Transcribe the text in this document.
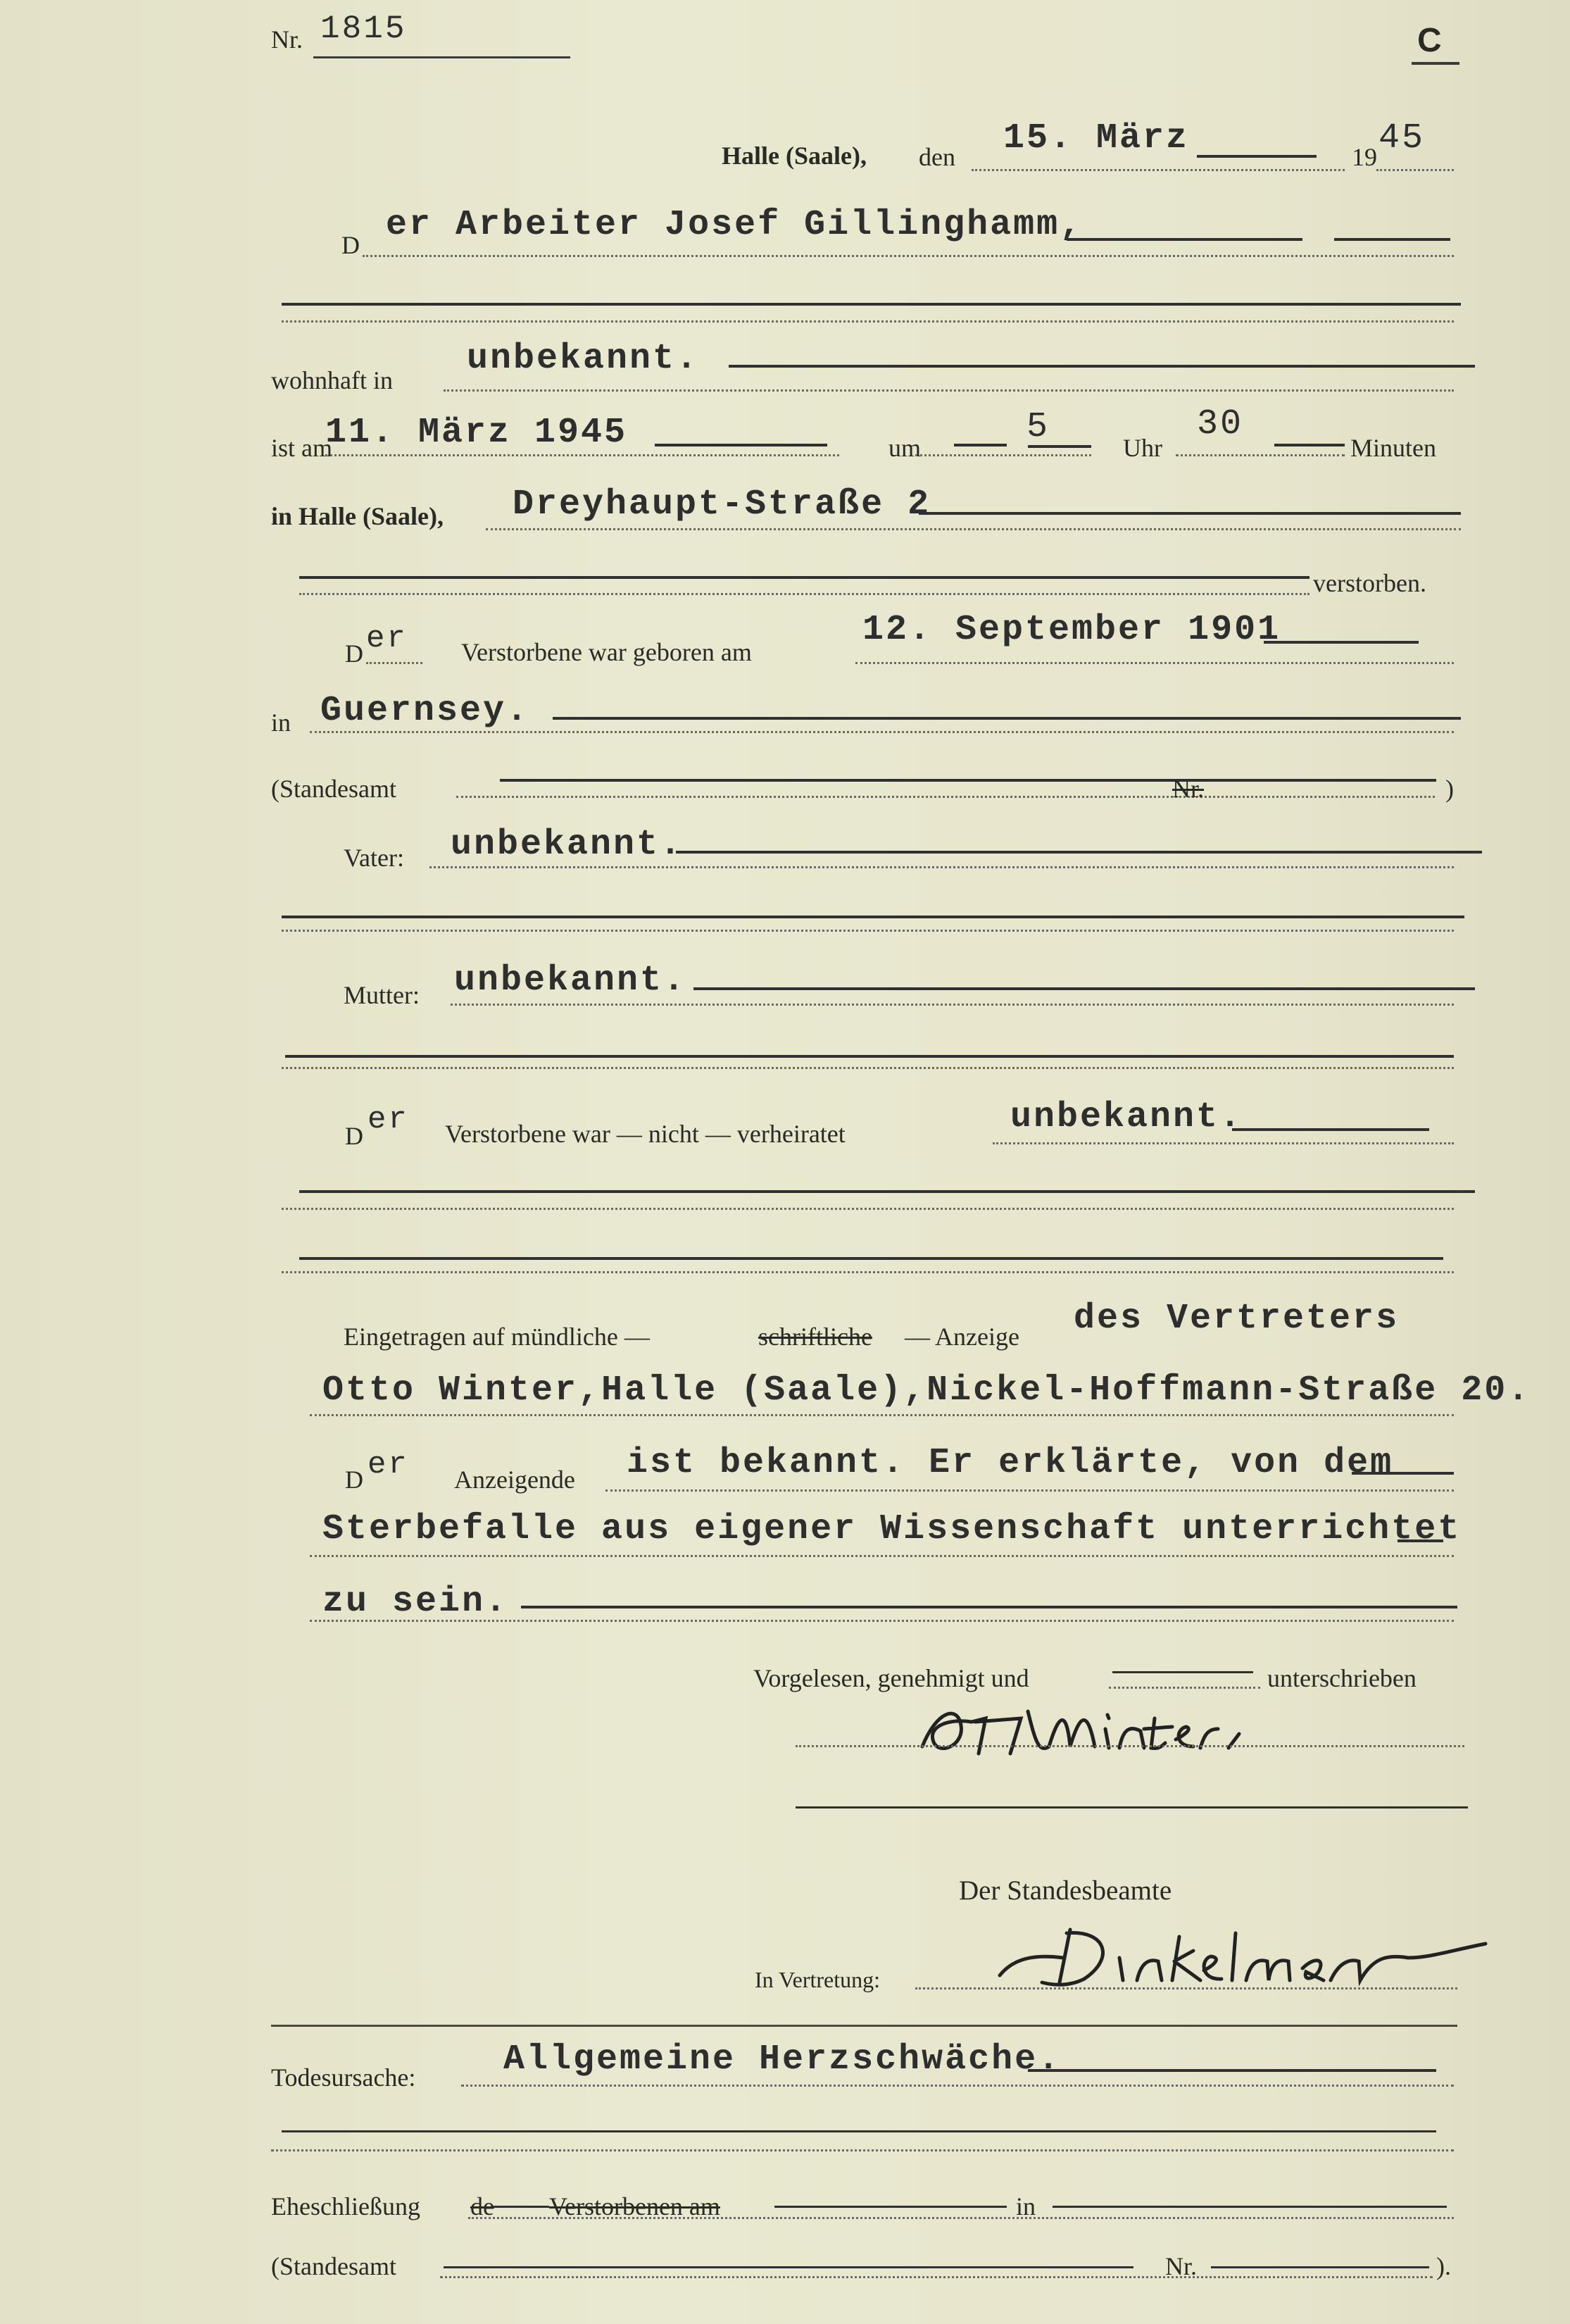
Nr. 1815	C
Halle (Saale), den 15. März	19 45
D er Arbeiter Josef Gillinghamm,
wohnhaft in
unbekannt.
ist am
11. März 1945	um
5
Uhr
30
Minuten
in Halle (Saale), Dreyhaupt-Straße 2
verstorben.
D er Verstorbene war geboren am
12. September 1901
in Guernsey.
(Standesamt	Nr.	)
Vater: unbekannt.
Mutter: unbekannt.
D er Verstorbene war — nicht — verheiratet	unbekannt.
Eingetragen auf mündliche —	schriftliche — Anzeige des Vertreters
Otto Winter,Halle (Saale),Nickel-Hoffmann-Straße 20.
D er Anzeigende ist bekannt. Er erklärte, von dem
Sterbefalle aus eigener Wissenschaft unterrichtet
zu sein.
Vorgelesen, genehmigt und	unterschrieben
Der Standesbeamte
In Vertretung:
Todesursache: Allgemeine Herzschwäche.
Eheschließung de Verstorbenen am	in
(Standesamt	Nr.	).
